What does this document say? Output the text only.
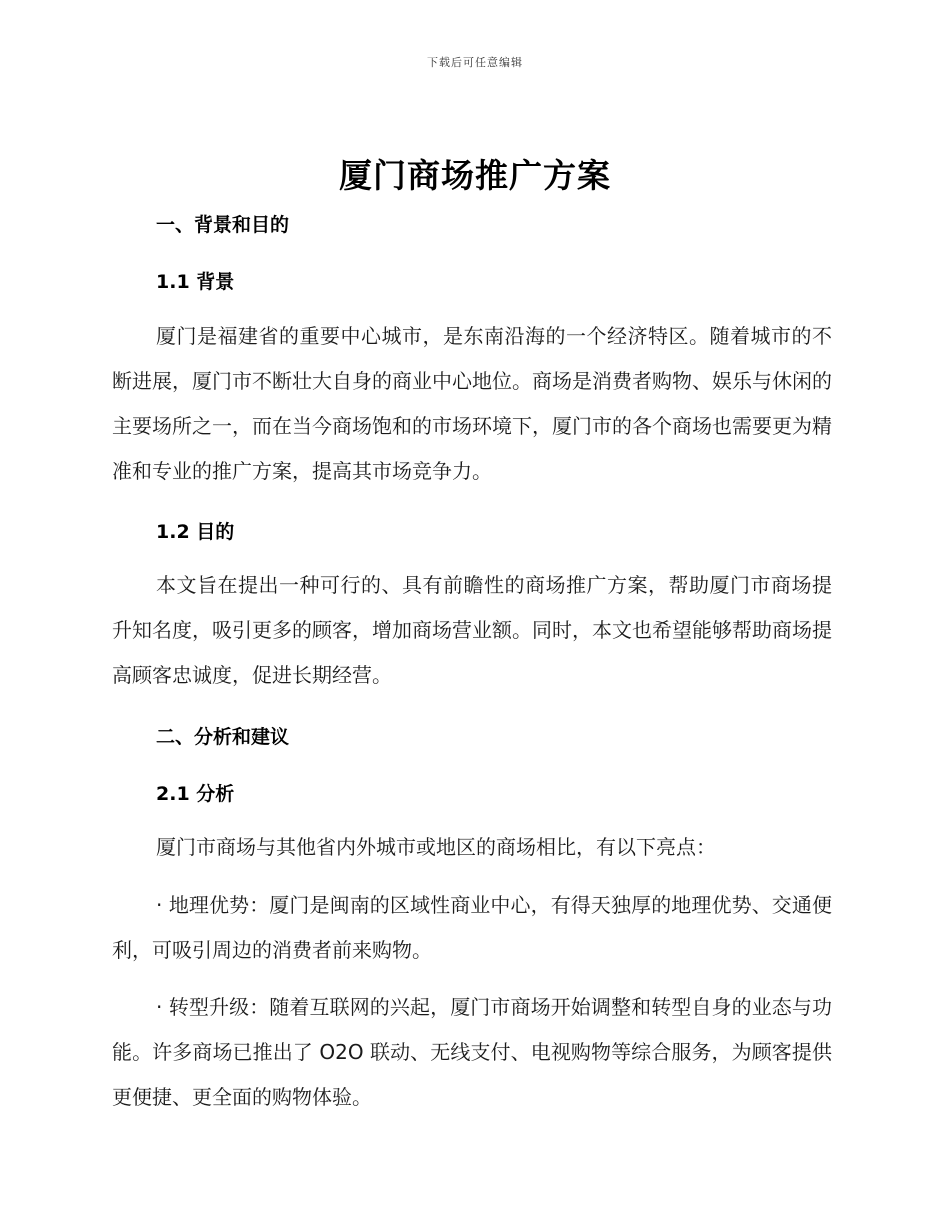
下载后可任意编辑
厦门商场推广方案
一、背景和目的
1.1 背景

厦门是福建省的重要中心城市，是东南沿海的一个经济特区。随着城市的不断进展，厦门市不断壮大自身的商业中心地位。商场是消费者购物、娱乐与休闲的主要场所之一，而在当今商场饱和的市场环境下，厦门市的各个商场也需要更为精准和专业的推广方案，提高其市场竞争力。

1.2 目的

本文旨在提出一种可行的、具有前瞻性的商场推广方案，帮助厦门市商场提升知名度，吸引更多的顾客，增加商场营业额。同时，本文也希望能够帮助商场提高顾客忠诚度，促进长期经营。

二、分析和建议
2.1 分析

厦门市商场与其他省内外城市或地区的商场相比，有以下亮点：

· 地理优势：厦门是闽南的区域性商业中心，有得天独厚的地理优势、交通便利，可吸引周边的消费者前来购物。

· 转型升级：随着互联网的兴起，厦门市商场开始调整和转型自身的业态与功能。许多商场已推出了 O2O 联动、无线支付、电视购物等综合服务，为顾客提供更便捷、更全面的购物体验。
